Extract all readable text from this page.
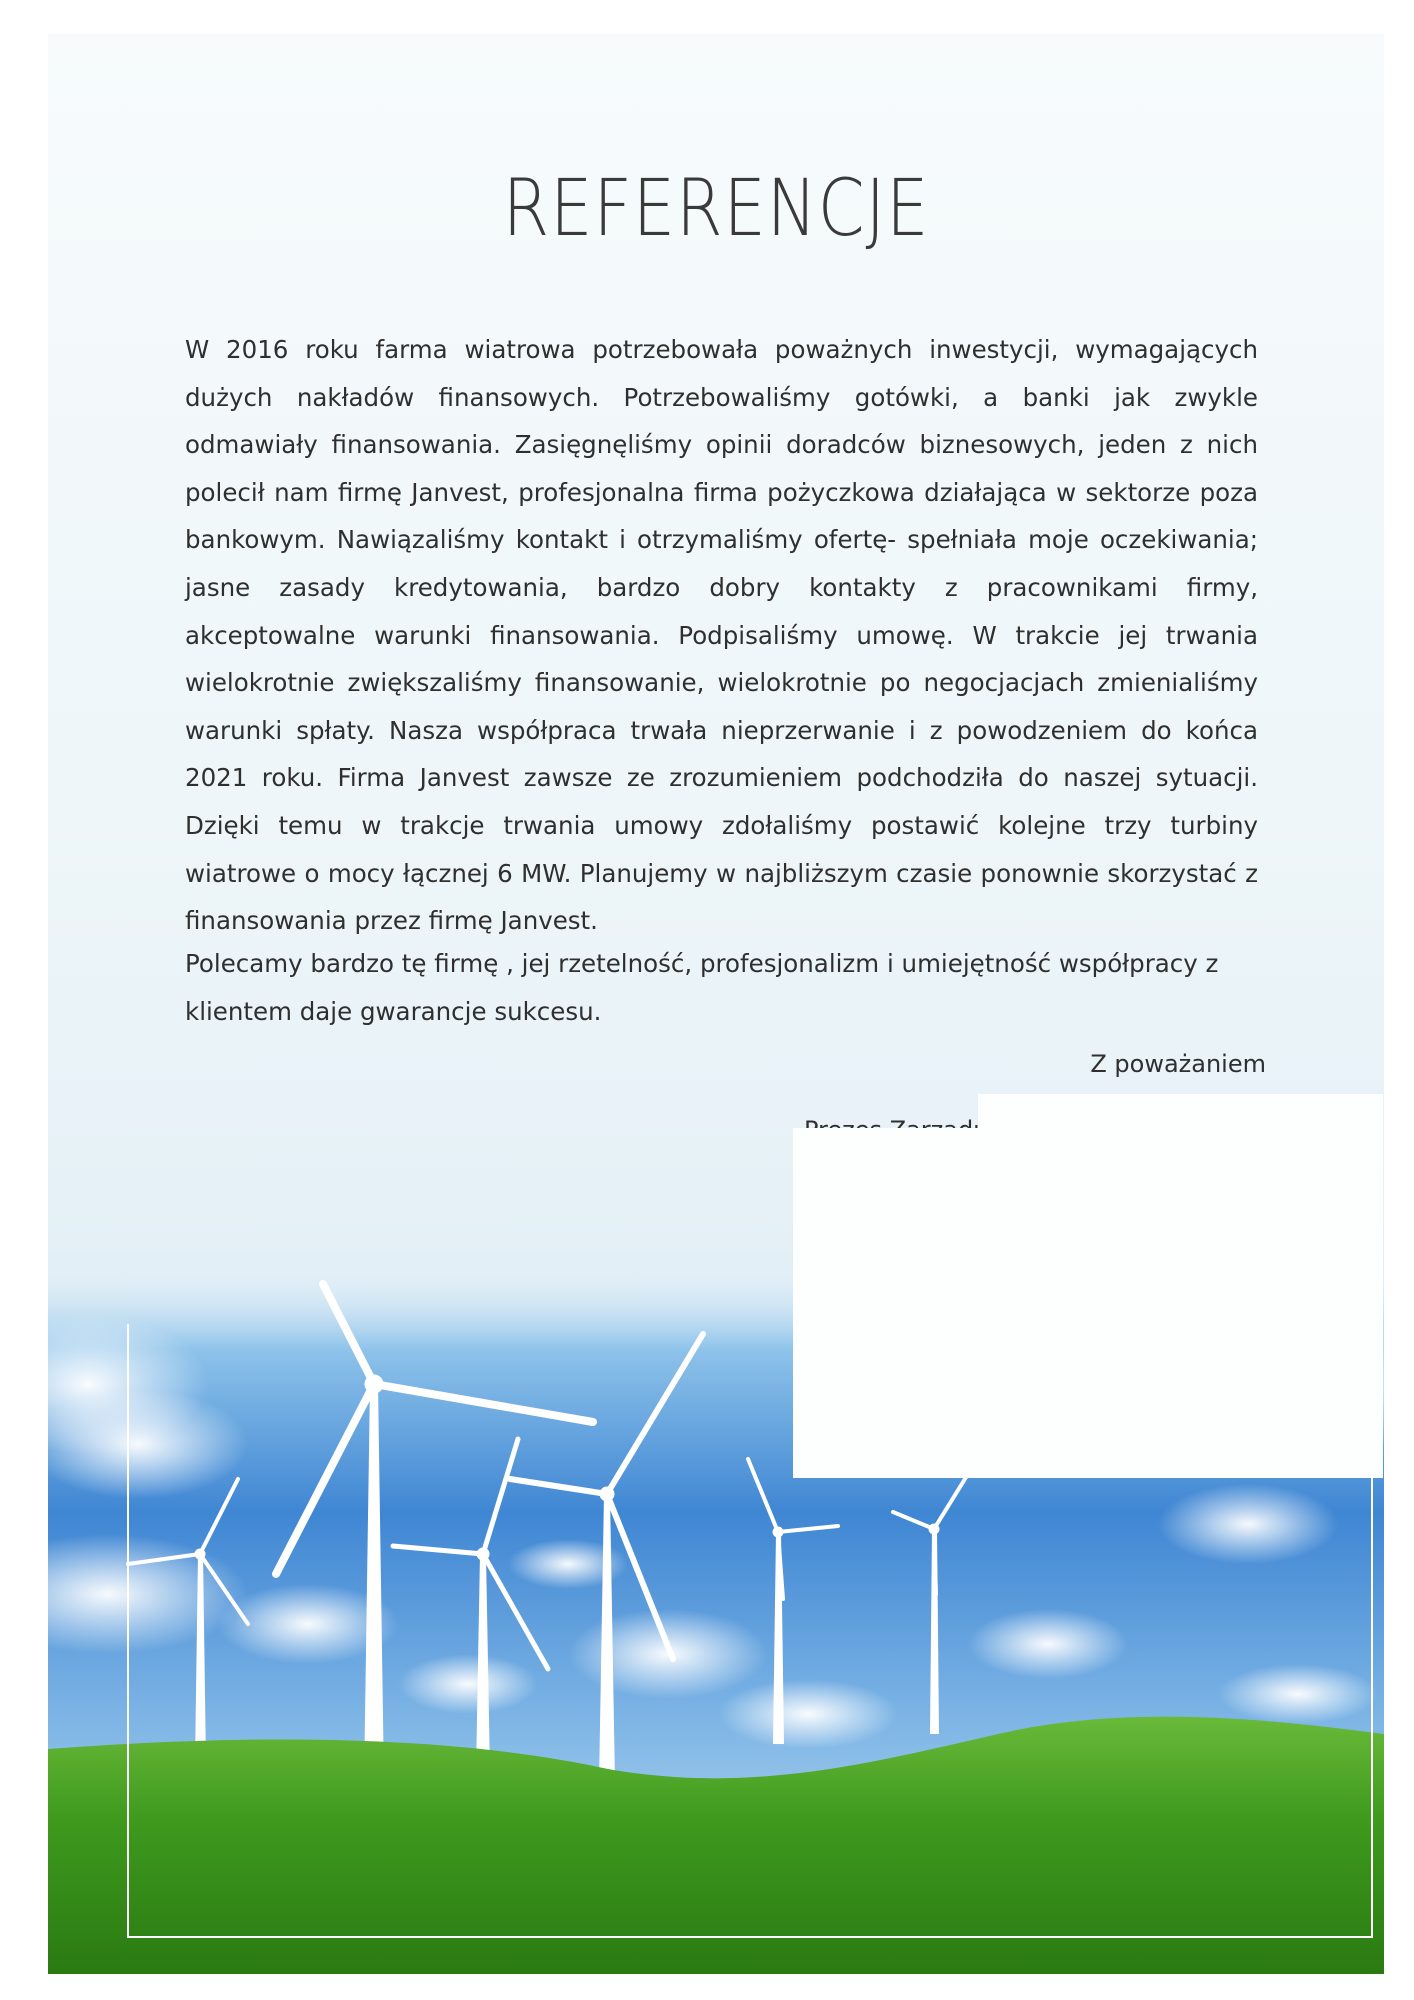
REFERENCJE

W 2016 roku farma wiatrowa potrzebowała poważnych inwestycji, wymagających dużych nakładów finansowych. Potrzebowaliśmy gotówki, a banki jak zwykle odmawiały finansowania. Zasięgnęliśmy opinii doradców biznesowych, jeden z nich polecił nam firmę Janvest, profesjonalna firma pożyczkowa działająca w sektorze poza bankowym. Nawiązaliśmy kontakt i otrzymaliśmy ofertę- spełniała moje oczekiwania; jasne zasady kredytowania, bardzo dobry kontakty z pracownikami firmy, akceptowalne warunki finansowania. Podpisaliśmy umowę. W trakcie jej trwania wielokrotnie zwiększaliśmy finansowanie, wielokrotnie po negocjacjach zmienialiśmy warunki spłaty. Nasza współpraca trwała nieprzerwanie i z powodzeniem do końca 2021 roku. Firma Janvest zawsze ze zrozumieniem podchodziła do naszej sytuacji. Dzięki temu w trakcje trwania umowy zdołaliśmy postawić kolejne trzy turbiny wiatrowe o mocy łącznej 6 MW. Planujemy w najbliższym czasie ponownie skorzystać z finansowania przez firmę Janvest.

Polecamy bardzo tę firmę , jej rzetelność, profesjonalizm i umiejętność współpracy z klientem daje gwarancje sukcesu.

Z poważaniem
